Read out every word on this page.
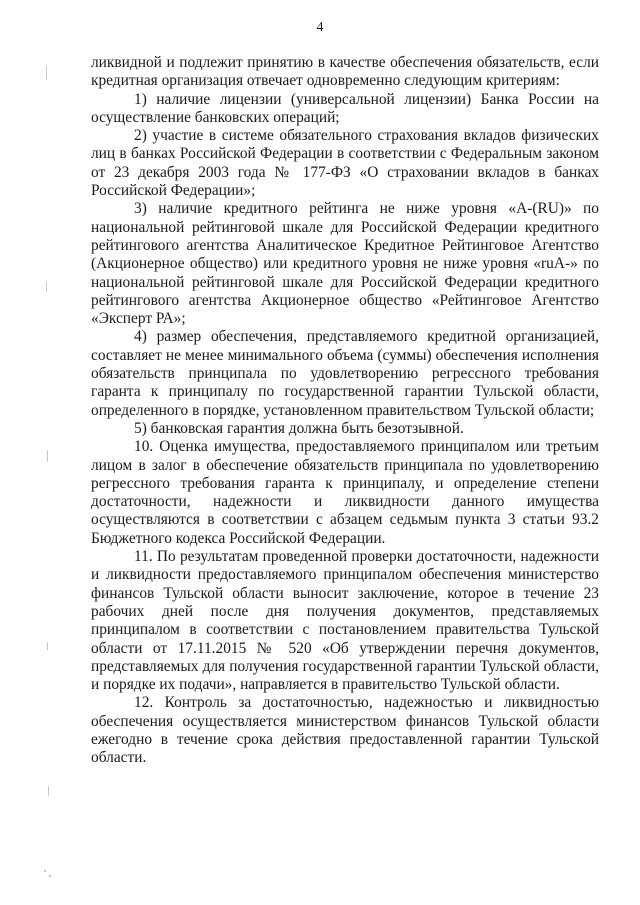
4

ликвидной и подлежит принятию в качестве обеспечения обязательств, если кредитная организация отвечает одновременно следующим критериям:

1) наличие лицензии (универсальной лицензии) Банка России на осуществление банковских операций;

2) участие в системе обязательного страхования вкладов физических лиц в банках Российской Федерации в соответствии с Федеральным законом от 23 декабря 2003 года № 177-ФЗ «О страховании вкладов в банках Российской Федерации»;

3) наличие кредитного рейтинга не ниже уровня «A-(RU)» по национальной рейтинговой шкале для Российской Федерации кредитного рейтингового агентства Аналитическое Кредитное Рейтинговое Агентство (Акционерное общество) или кредитного уровня не ниже уровня «ruA-» по национальной рейтинговой шкале для Российской Федерации кредитного рейтингового агентства Акционерное общество «Рейтинговое Агентство «Эксперт РА»;

4) размер обеспечения, представляемого кредитной организацией, составляет не менее минимального объема (суммы) обеспечения исполнения обязательств принципала по удовлетворению регрессного требования гаранта к принципалу по государственной гарантии Тульской области, определенного в порядке, установленном правительством Тульской области;

5) банковская гарантия должна быть безотзывной.

10. Оценка имущества, предоставляемого принципалом или третьим лицом в залог в обеспечение обязательств принципала по удовлетворению регрессного требования гаранта к принципалу, и определение степени достаточности, надежности и ликвидности данного имущества осуществляются в соответствии с абзацем седьмым пункта 3 статьи 93.2 Бюджетного кодекса Российской Федерации.

11. По результатам проведенной проверки достаточности, надежности и ликвидности предоставляемого принципалом обеспечения министерство финансов Тульской области выносит заключение, которое в течение 23 рабочих дней после дня получения документов, представляемых принципалом в соответствии с постановлением правительства Тульской области от 17.11.2015 № 520 «Об утверждении перечня документов, представляемых для получения государственной гарантии Тульской области, и порядке их подачи», направляется в правительство Тульской области.

12. Контроль за достаточностью, надежностью и ликвидностью обеспечения осуществляется министерством финансов Тульской области ежегодно в течение срока действия предоставленной гарантии Тульской области.
